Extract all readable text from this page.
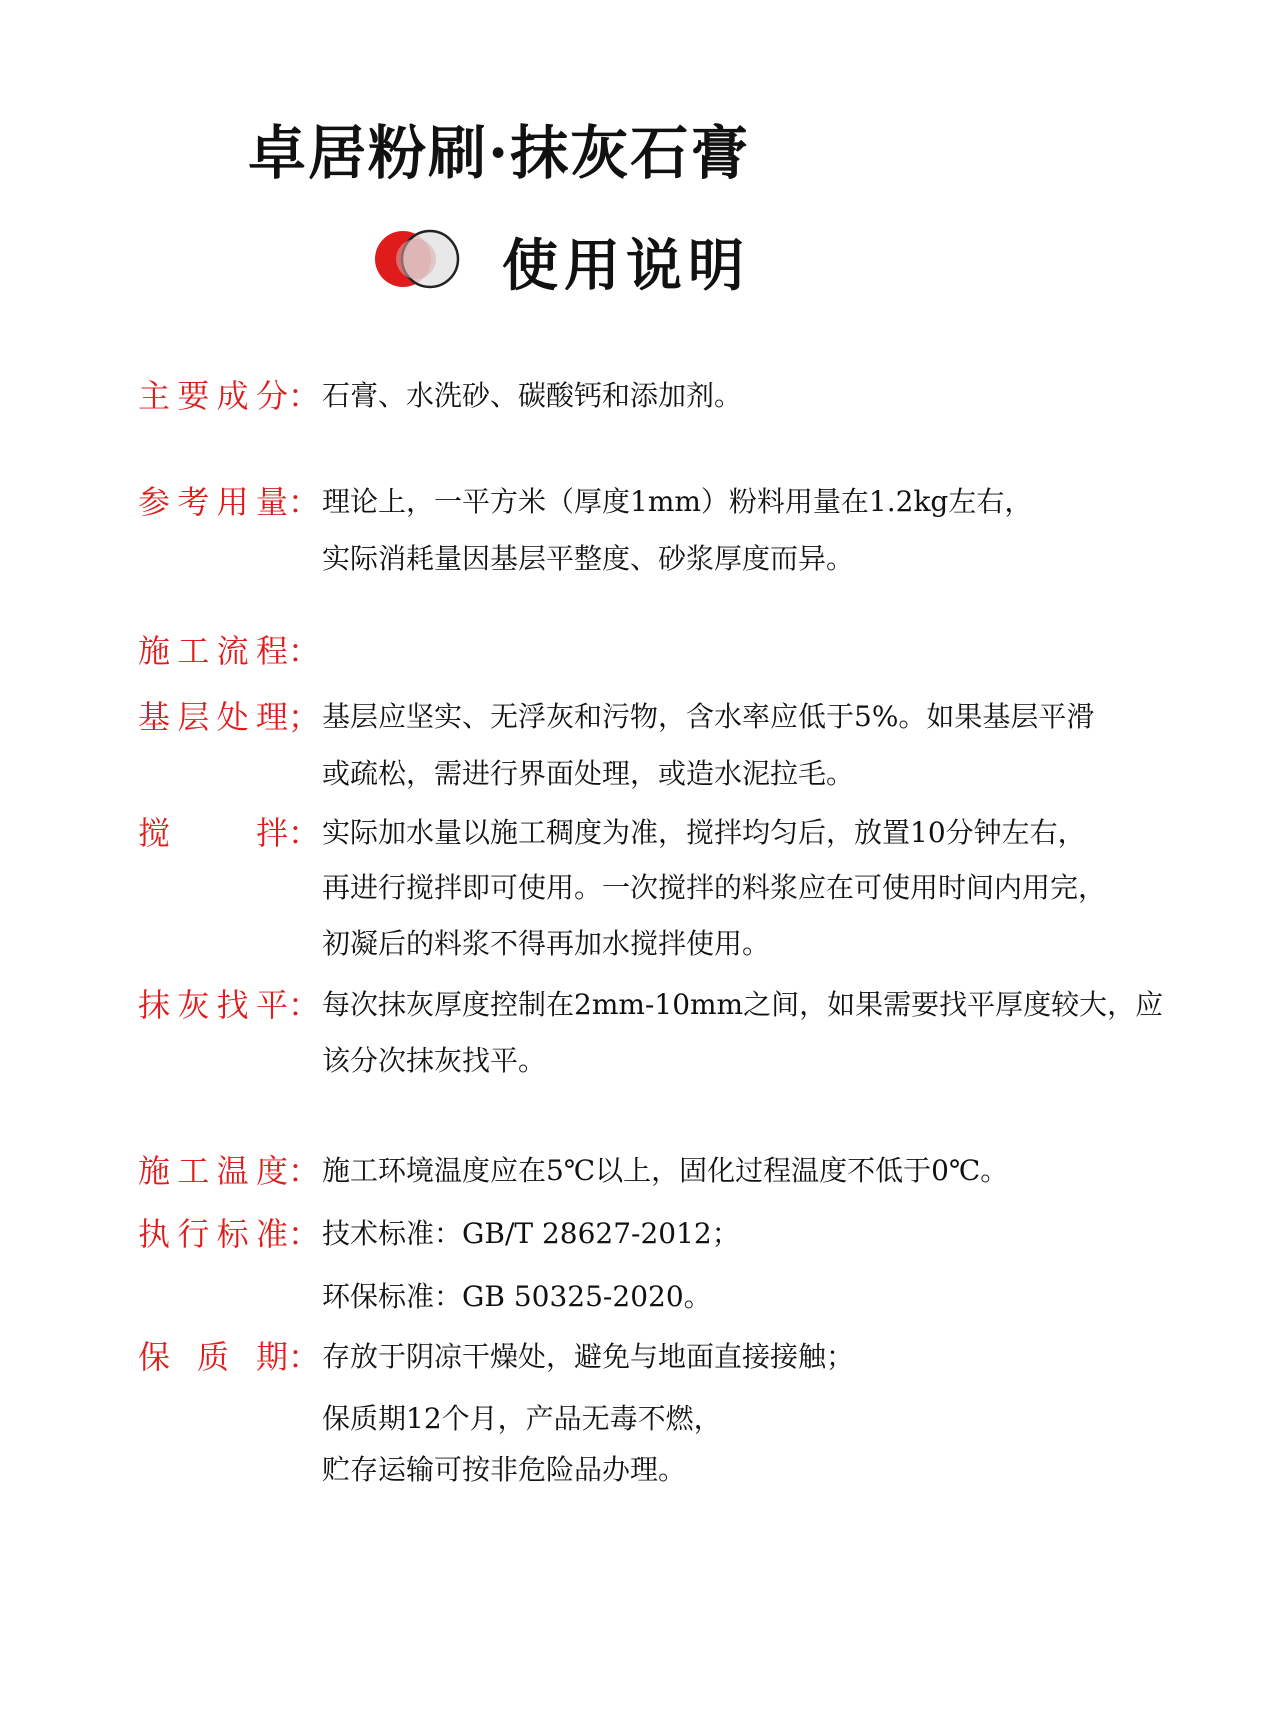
卓居粉刷·抹灰石膏
使用说明
主要成分： 石膏、水洗砂、碳酸钙和添加剂。
参考用量： 理论上，一平方米（厚度1mm）粉料用量在1.2kg左右，
实际消耗量因基层平整度、砂浆厚度而异。
施工流程：
基层处理； 基层应坚实、无浮灰和污物，含水率应低于5%。如果基层平滑
或疏松，需进行界面处理，或造水泥拉毛。
搅 拌： 实际加水量以施工稠度为准，搅拌均匀后，放置10分钟左右，
再进行搅拌即可使用。一次搅拌的料浆应在可使用时间内用完，
初凝后的料浆不得再加水搅拌使用。
抹灰找平： 每次抹灰厚度控制在2mm-10mm之间，如果需要找平厚度较大，应
该分次抹灰找平。
施工温度： 施工环境温度应在5℃以上，固化过程温度不低于0℃。
执行标准： 技术标准：GB/T 28627-2012；
环保标准：GB 50325-2020。
保 质 期： 存放于阴凉干燥处，避免与地面直接接触；
保质期12个月，产品无毒不燃，
贮存运输可按非危险品办理。
